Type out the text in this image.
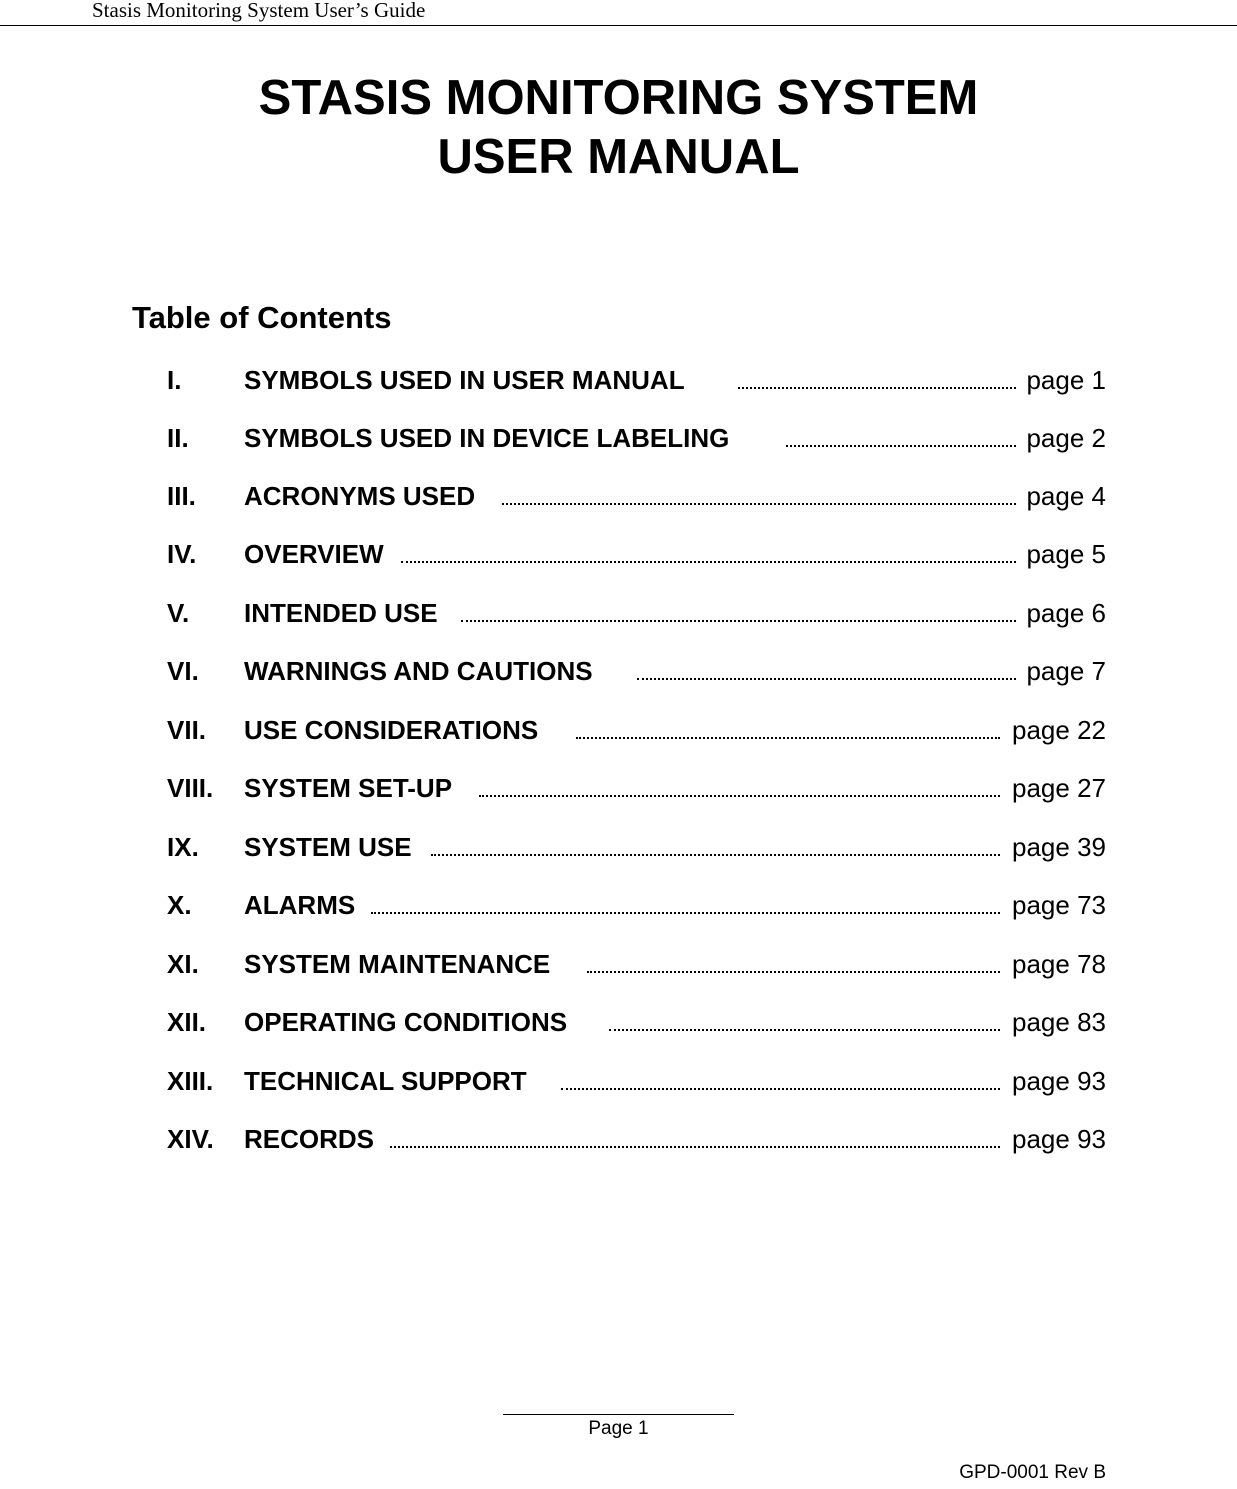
Stasis Monitoring System User’s Guide
STASIS MONITORING SYSTEM
USER MANUAL
Table of Contents
I. SYMBOLS USED IN USER MANUAL	page 1
II. SYMBOLS USED IN DEVICE LABELING	page 2
III. ACRONYMS USED	page 4
IV. OVERVIEW	page 5
V. INTENDED USE	page 6
VI. WARNINGS AND CAUTIONS	page 7
VII. USE CONSIDERATIONS	page 22
VIII. SYSTEM SET-UP	page 27
IX. SYSTEM USE	page 39
X. ALARMS	page 73
XI. SYSTEM MAINTENANCE	page 78
XII. OPERATING CONDITIONS	page 83
XIII. TECHNICAL SUPPORT	page 93
XIV. RECORDS	page 93
Page 1
GPD-0001 Rev B
